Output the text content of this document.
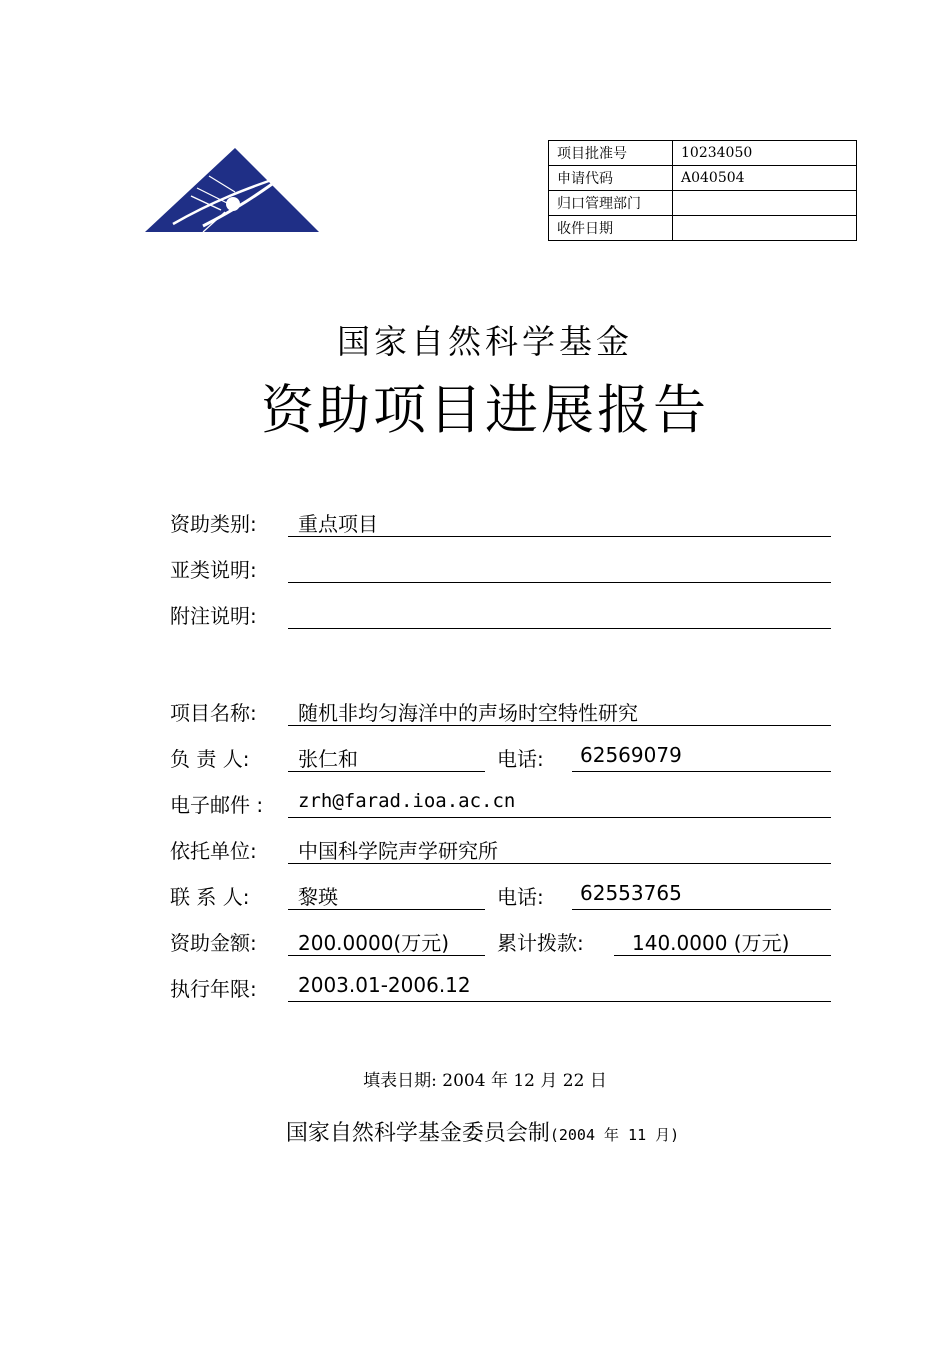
项目批准号	10234050
申请代码	A040504
归口管理部门	
收件日期	
国家自然科学基金
资助项目进展报告
资助类别: 重点项目
亚类说明:
附注说明:
项目名称: 随机非均匀海洋中的声场时空特性研究
负 责 人: 张仁和	电话: 62569079
电子邮件 : zrh@farad.ioa.ac.cn
依托单位: 中国科学院声学研究所
联 系 人: 黎瑛	电话: 62553765
资助金额: 200.0000(万元) 累计拨款: 140.0000 (万元)
执行年限: 2003.01-2006.12
填表日期: 2004 年 12 月 22 日
国家自然科学基金委员会制(2004 年 11 月)
